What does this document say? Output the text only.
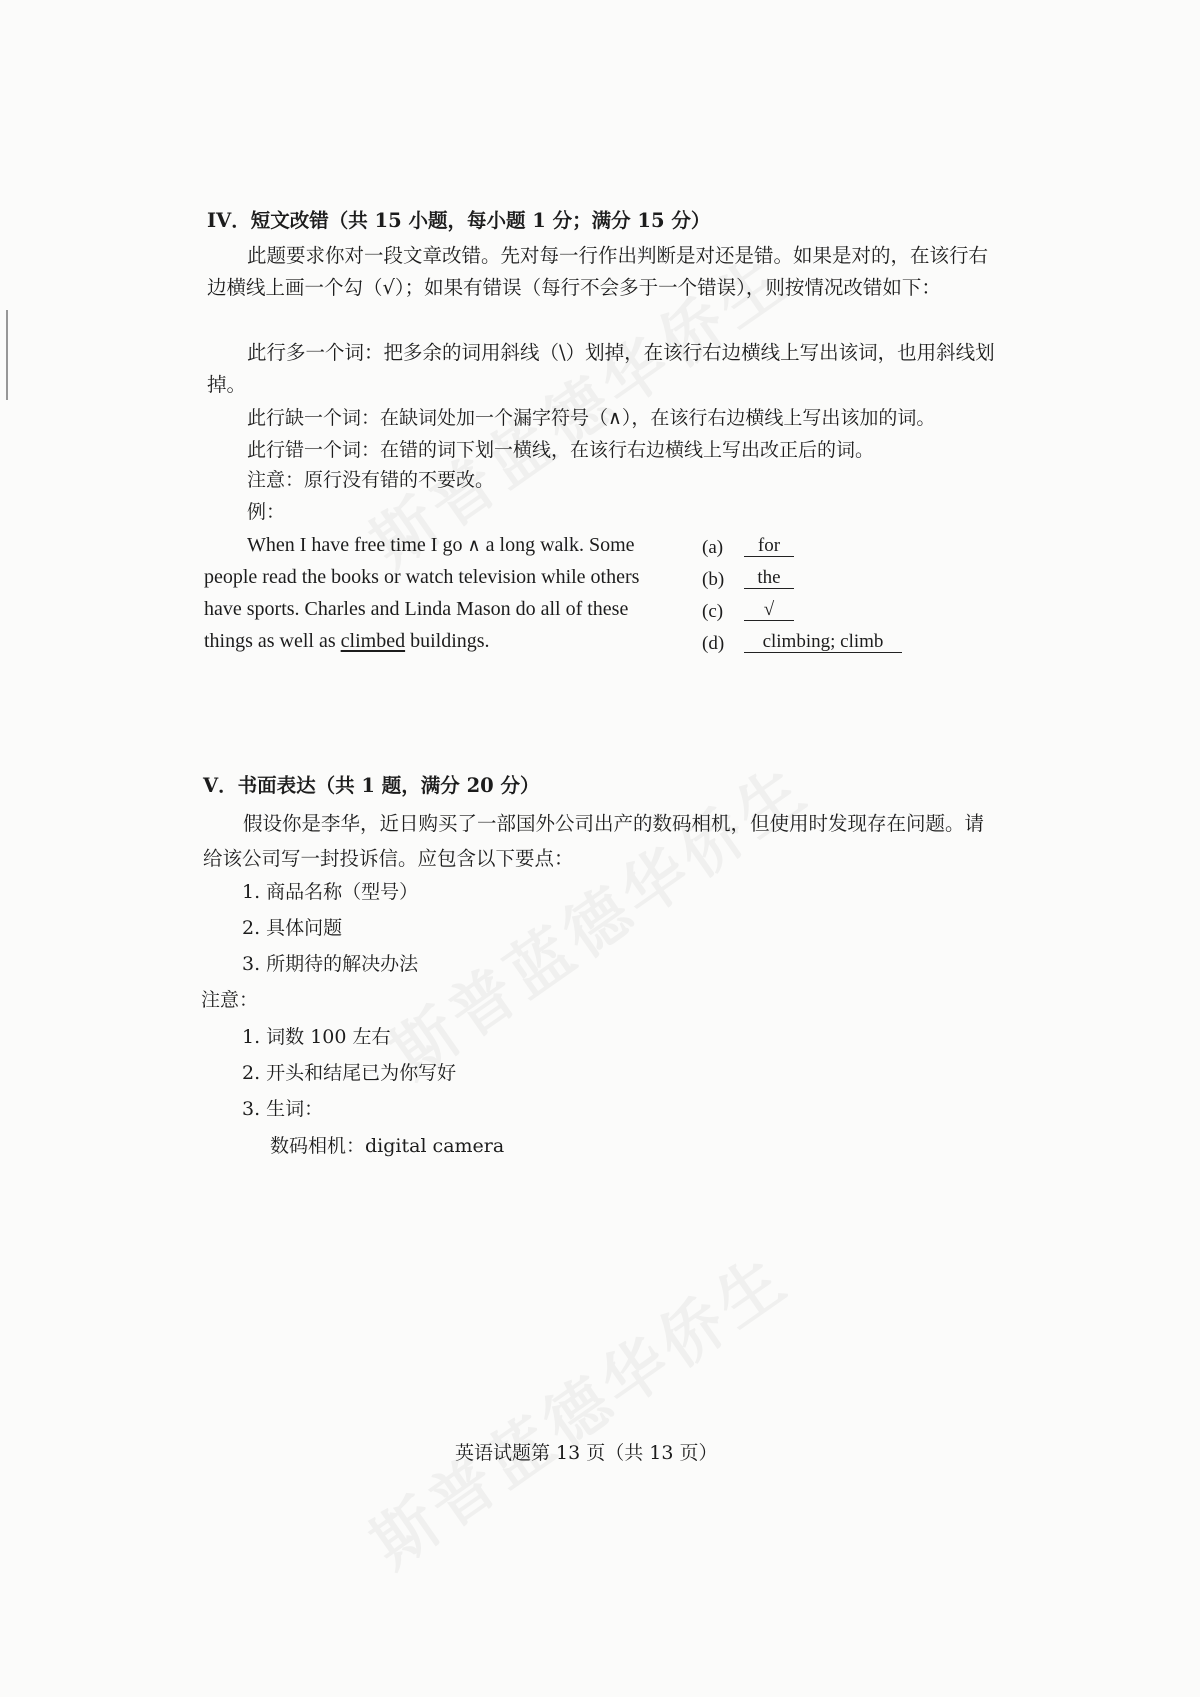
IV．短文改错（共 15 小题，每小题 1 分；满分 15 分）
此题要求你对一段文章改错。先对每一行作出判断是对还是错。如果是对的，在该行右边横线上画一个勾（√）；如果有错误（每行不会多于一个错误），则按情况改错如下：
此行多一个词：把多余的词用斜线（\）划掉，在该行右边横线上写出该词，也用斜线划掉。
此行缺一个词：在缺词处加一个漏字符号（∧），在该行右边横线上写出该加的词。
此行错一个词：在错的词下划一横线，在该行右边横线上写出改正后的词。
注意：原行没有错的不要改。
例：
When I have free time I go ∧ a long walk. Some
people read the books or watch television while others
have sports. Charles and Linda Mason do all of these
things as well as climbed buildings.
(a)	for
(b)	the
(c)	√
(d)	climbing; climb
V．书面表达（共 1 题，满分 20 分）
假设你是李华，近日购买了一部国外公司出产的数码相机，但使用时发现存在问题。请给该公司写一封投诉信。应包含以下要点：
1. 商品名称（型号）
2. 具体问题
3. 所期待的解决办法
注意：
1. 词数 100 左右
2. 开头和结尾已为你写好
3. 生词：
数码相机：digital camera
英语试题第 13 页（共 13 页）
